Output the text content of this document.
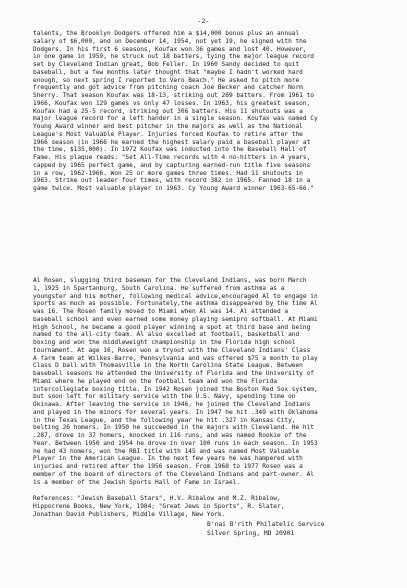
-2-

talents, the Brooklyn Dodgers offered him a $14,000 bonus plus an annual
salary of $6,000, and on December 14, 1954, not yet 19, he signed with the
Dodgers. In his first 6 seasons, Koufax won 36 games and lost 40. However,
in one game in 1959, he struck out 18 batters, tying the major league record
set by Cleveland Indian great, Bob Feller. In 1960 Sandy decided to quit
baseball, but a few months later thought that "maybe I hadn't worked hard
enough, so next spring I reported to Vero Beach." He asked to pitch more
frequently and got advice from pitching coach Joe Becker and catcher Norm
Sherry. That season Koufax was 18-13, striking out 269 batters. From 1961 to
1966, Koufax won 129 games vs only 47 losses. In 1963, his greatest season,
Koufax had a 25-5 record, striking out 306 batters. His 11 shutouts was a
major league record for a left hander in a single season. Koufax was named Cy
Young Award winner and best pitcher in the majors as well as the National
League's Most Valuable Player. Injuries forced Koufax to retire after the
1966 season (in 1966 he earned the highest salary paid a baseball player at
the time, $135,000). In 1972 Koufax was inducted into the Baseball Hall of
Fame. His plaque reads: "Set All-Time records with 4 no-hitters in 4 years,
capped by 1965 perfect game, and by capturing earned-run title five seasons
in a row, 1962-1966. Won 25 or more games three times. Had 11 shutouts in
1963. Strike out leader four times, with record 382 in 1965. Fanned 18 in a
game twice. Most valuable player in 1963. Cy Young Award winner 1963-65-66."

Al Rosen, slugging third baseman for the Cleveland Indians, was born March
1, 1925 in Spartanburg, South Carolina. He suffered from asthma as a
youngster and his mother, following medical advice,encouraged Al to engage in
sports as much as possible. Fortunately,the asthma disappeared by the time Al
was 16. The Rosen family moved to Miami when Al was 14. Al attended a
baseball school and even earned some money playing semipro softball. At Miami
High School, he became a good player winning a spot at third base and being
named to the all-city team. Al also excelled at football, basketball and
boxing and won the middleweight championship in the Florida high school
tournament. At age 16, Rosen won a tryout with the Cleveland Indians' Class
A farm team at Wilkes-Barre, Pennsylvania and was offered $75 a month to play
Class D ball with Thomasville in the North Carolina State League. Between
baseball seasons he attended the University of Florida and the University of
Miami where he played end on the football team and won the Florida
intercollegiate boxing title. In 1942 Rosen joined the Boston Red Sox system,
but soon left for military service with the U.S. Navy, spending time on
Okinawa. After leaving the service in 1946, he joined the Cleveland Indians
and played in the minors for several years. In 1947 he hit .349 with Oklahoma
in the Texas League, and the following year he hit .327 in Kansas City,
belting 26 homers. In 1950 he succeeded in the majors with Cleveland. He hit
.287, drove in 37 homers, knocked in 116 runs, and was named Rookie of the
Year. Between 1950 and 1954 he drove in over 100 runs in each season. In 1953
he had 43 homers, won the RBI title with 145 and was named Most Valuable
Player in the American League. In the next few years he was hampered with
injuries and retired after the 1956 season. From 1968 to 1977 Rosen was a
member of the board of directors of the Cleveland Indians and part-owner. Al
is a member of the Jewish Sports Hall of Fame in Israel.

References: "Jewish Baseball Stars", H.V. Ribalow and M.Z. Ribalow,
Hippocrene Books, New York, 1984; "Great Jews in Sports", R. Slater,
Jonathan David Publishers, Middle Village, New York.

B'nai B'rith Philatelic Service
Silver Spring, MD 20901
